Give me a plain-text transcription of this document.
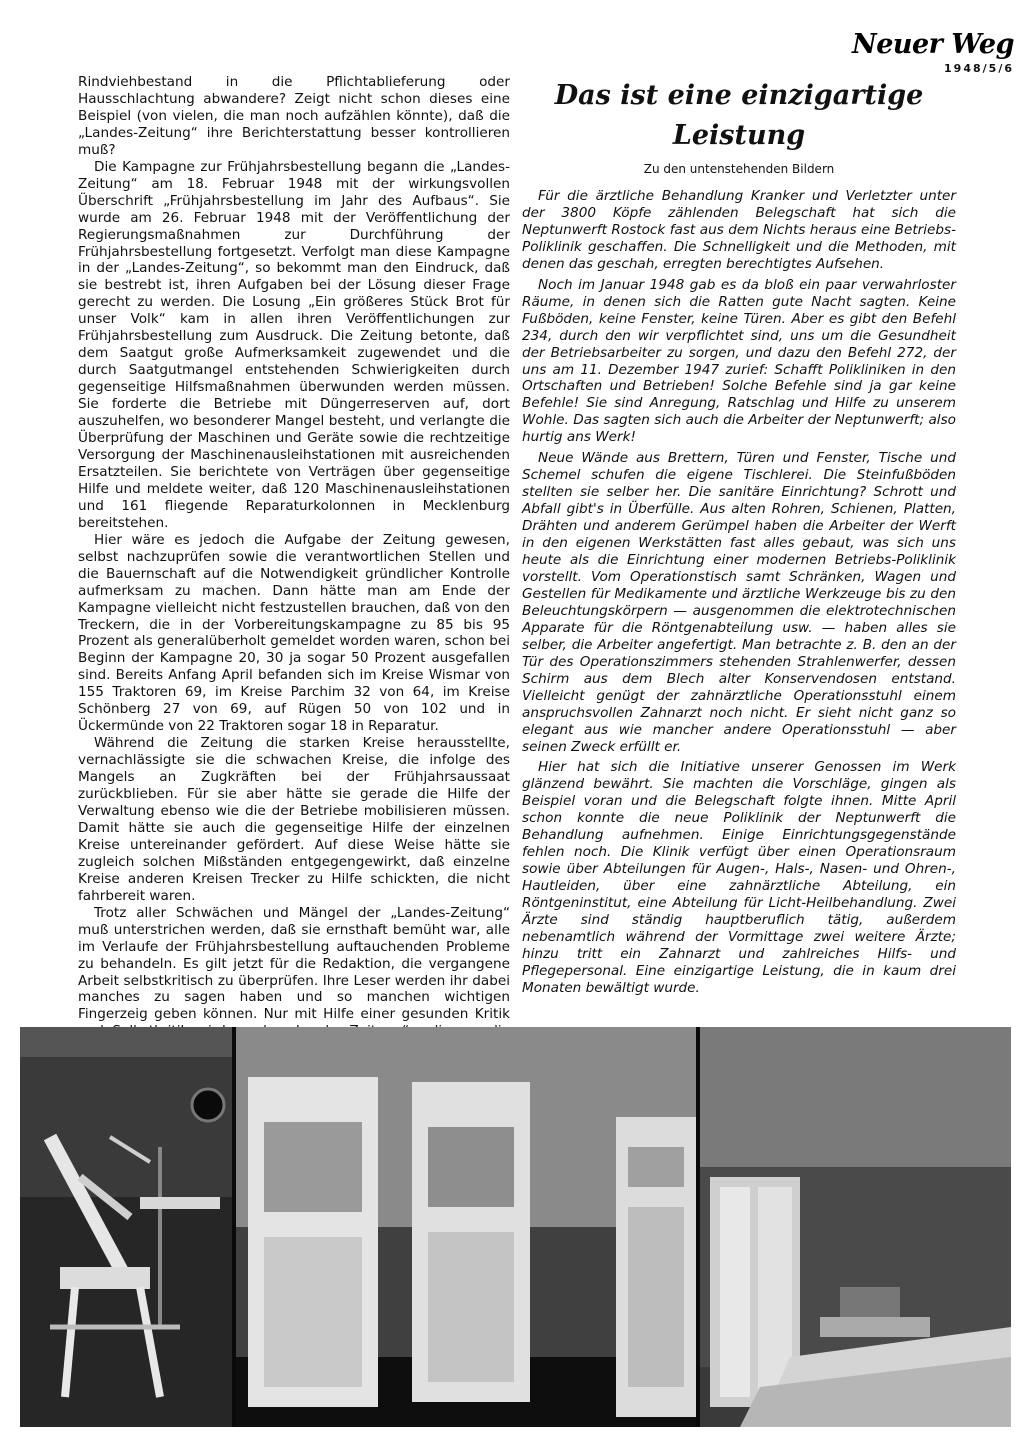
Neuer Weg
1948/5/6

Rindviehbestand in die Pflichtablieferung oder Hausschlachtung abwandere? Zeigt nicht schon dieses eine Beispiel (von vielen, die man noch aufzählen könnte), daß die „Landes-Zeitung“ ihre Berichterstattung besser kontrollieren muß?

Die Kampagne zur Frühjahrsbestellung begann die „Landes-Zeitung“ am 18. Februar 1948 mit der wirkungsvollen Überschrift „Frühjahrsbestellung im Jahr des Aufbaus“. Sie wurde am 26. Februar 1948 mit der Veröffentlichung der Regierungsmaßnahmen zur Durchführung der Frühjahrsbestellung fortgesetzt. Verfolgt man diese Kampagne in der „Landes-Zeitung“, so bekommt man den Eindruck, daß sie bestrebt ist, ihren Aufgaben bei der Lösung dieser Frage gerecht zu werden. Die Losung „Ein größeres Stück Brot für unser Volk“ kam in allen ihren Veröffentlichungen zur Frühjahrsbestellung zum Ausdruck. Die Zeitung betonte, daß dem Saatgut große Aufmerksamkeit zugewendet und die durch Saatgutmangel entstehenden Schwierigkeiten durch gegenseitige Hilfsmaßnahmen überwunden werden müssen. Sie forderte die Betriebe mit Düngerreserven auf, dort auszuhelfen, wo besonderer Mangel besteht, und verlangte die Überprüfung der Maschinen und Geräte sowie die rechtzeitige Versorgung der Maschinenausleihstationen mit ausreichenden Ersatzteilen. Sie berichtete von Verträgen über gegenseitige Hilfe und meldete weiter, daß 120 Maschinenausleihstationen und 161 fliegende Reparaturkolonnen in Mecklenburg bereitstehen.

Hier wäre es jedoch die Aufgabe der Zeitung gewesen, selbst nachzuprüfen sowie die verantwortlichen Stellen und die Bauernschaft auf die Notwendigkeit gründlicher Kontrolle aufmerksam zu machen. Dann hätte man am Ende der Kampagne vielleicht nicht festzustellen brauchen, daß von den Treckern, die in der Vorbereitungskampagne zu 85 bis 95 Prozent als generalüberholt gemeldet worden waren, schon bei Beginn der Kampagne 20, 30 ja sogar 50 Prozent ausgefallen sind. Bereits Anfang April befanden sich im Kreise Wismar von 155 Traktoren 69, im Kreise Parchim 32 von 64, im Kreise Schönberg 27 von 69, auf Rügen 50 von 102 und in Ückermünde von 22 Traktoren sogar 18 in Reparatur.

Während die Zeitung die starken Kreise herausstellte, vernachlässigte sie die schwachen Kreise, die infolge des Mangels an Zugkräften bei der Frühjahrsaussaat zurückblieben. Für sie aber hätte sie gerade die Hilfe der Verwaltung ebenso wie die der Betriebe mobilisieren müssen. Damit hätte sie auch die gegenseitige Hilfe der einzelnen Kreise untereinander gefördert. Auf diese Weise hätte sie zugleich solchen Mißständen entgegengewirkt, daß einzelne Kreise anderen Kreisen Trecker zu Hilfe schickten, die nicht fahrbereit waren.

Trotz aller Schwächen und Mängel der „Landes-Zeitung“ muß unterstrichen werden, daß sie ernsthaft bemüht war, alle im Verlaufe der Frühjahrsbestellung auftauchenden Probleme zu behandeln. Es gilt jetzt für die Redaktion, die vergangene Arbeit selbstkritisch zu überprüfen. Ihre Leser werden ihr dabei manches zu sagen haben und so manchen wichtigen Fingerzeig geben können. Nur mit Hilfe einer gesunden Kritik

Das ist eine einzigartige Leistung
Zu den untenstehenden Bildern

Für die ärztliche Behandlung Kranker und Verletzter unter der 3800 Köpfe zählenden Belegschaft hat sich die Neptunwerft Rostock fast aus dem Nichts heraus eine Betriebs-Poliklinik geschaffen. Die Schnelligkeit und die Methoden, mit denen das geschah, erregten berechtigtes Aufsehen.

Noch im Januar 1948 gab es da bloß ein paar verwahrloster Räume, in denen sich die Ratten gute Nacht sagten. Keine Fußböden, keine Fenster, keine Türen. Aber es gibt den Befehl 234, durch den wir verpflichtet sind, uns um die Gesundheit der Betriebsarbeiter zu sorgen, und dazu den Befehl 272, der uns am 11. Dezember 1947 zurief: Schafft Polikliniken in den Ortschaften und Betrieben! Solche Befehle sind ja gar keine Befehle! Sie sind Anregung, Ratschlag und Hilfe zu unserem Wohle. Das sagten sich auch die Arbeiter der Neptunwerft; also hurtig ans Werk!

Neue Wände aus Brettern, Türen und Fenster, Tische und Schemel schufen die eigene Tischlerei. Die Steinfußböden stellten sie selber her. Die sanitäre Einrichtung? Schrott und Abfall gibt's in Überfülle. Aus alten Rohren, Schienen, Platten, Drähten und anderem Gerümpel haben die Arbeiter der Werft in den eigenen Werkstätten fast alles gebaut, was sich uns heute als die Einrichtung einer modernen Betriebs-Poliklinik vorstellt. Vom Operationstisch samt Schränken, Wagen und Gestellen für Medikamente und ärztliche Werkzeuge bis zu den Beleuchtungskörpern — ausgenommen die elektrotechnischen Apparate für die Röntgenabteilung usw. — haben alles sie selber, die Arbeiter angefertigt. Man betrachte z. B. den an der Tür des Operationszimmers stehenden Strahlenwerfer, dessen Schirm aus dem Blech alter Konservendosen entstand. Vielleicht genügt der zahnärztliche Operationsstuhl einem anspruchsvollen Zahnarzt noch nicht. Er sieht nicht ganz so elegant aus wie mancher andere Operationsstuhl — aber seinen Zweck erfüllt er.

Hier hat sich die Initiative unserer Genossen im Werk glänzend bewährt. Sie machten die Vorschläge, gingen als Beispiel voran und die Belegschaft folgte ihnen. Mitte April schon konnte die neue Poliklinik der Neptunwerft die Behandlung aufnehmen. Einige Einrichtungsgegenstände fehlen noch. Die Klinik verfügt über einen Operationsraum sowie über Abteilungen für Augen-, Hals-, Nasen- und Ohren-, Hautleiden, über eine zahnärztliche Abteilung, ein Röntgeninstitut, eine Abteilung für Licht-Heilbehandlung. Zwei Ärzte sind ständig hauptberuflich tätig, außerdem nebenamtlich während der Vormittage zwei weitere Ärzte; hinzu tritt ein Zahnarzt und zahlreiches Hilfs- und Pflegepersonal. Eine einzigartige Leistung, die in kaum drei Monaten bewältigt wurde.
